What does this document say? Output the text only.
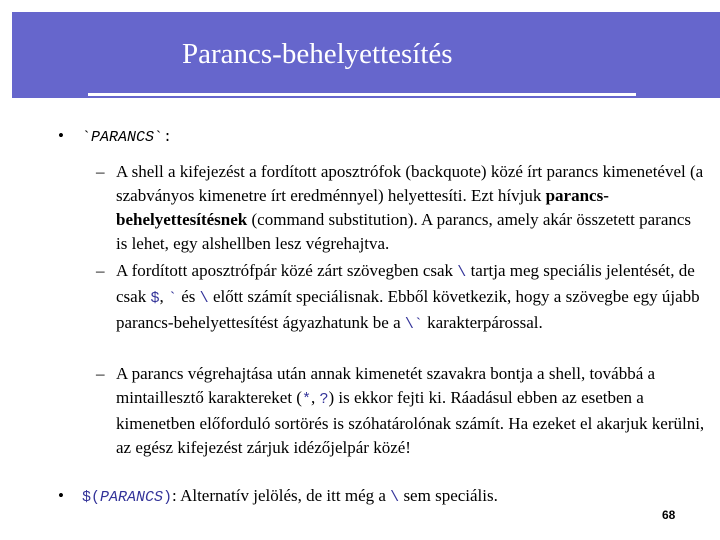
Parancs-behelyettesítés
• `PARANCS`:
– A shell a kifejezést a fordított aposztrófok (backquote) közé írt parancs kimenetével (a szabványos kimenetre írt eredménnyel) helyettesíti. Ezt hívjuk parancs-behelyettesítésnek (command substitution). A parancs, amely akár összetett parancs is lehet, egy alshellben lesz végrehajtva.
– A fordított aposztrófpár közé zárt szövegben csak \ tartja meg speciális jelentését, de csak $, ` és \ előtt számít speciálisnak. Ebből következik, hogy a szövegbe egy újabb parancs-behelyettesítést ágyazhatunk be a \` karakterpárossal.
– A parancs végrehajtása után annak kimenetét szavakra bontja a shell, továbbá a mintaillesztő karaktereket (*, ?) is ekkor fejti ki. Ráadásul ebben az esetben a kimenetben előforduló sortörés is szóhatárolónak számít. Ha ezeket el akarjuk kerülni, az egész kifejezést zárjuk idézőjelpár közé!
• $(PARANCS): Alternatív jelölés, de itt még a \ sem speciális.
68
